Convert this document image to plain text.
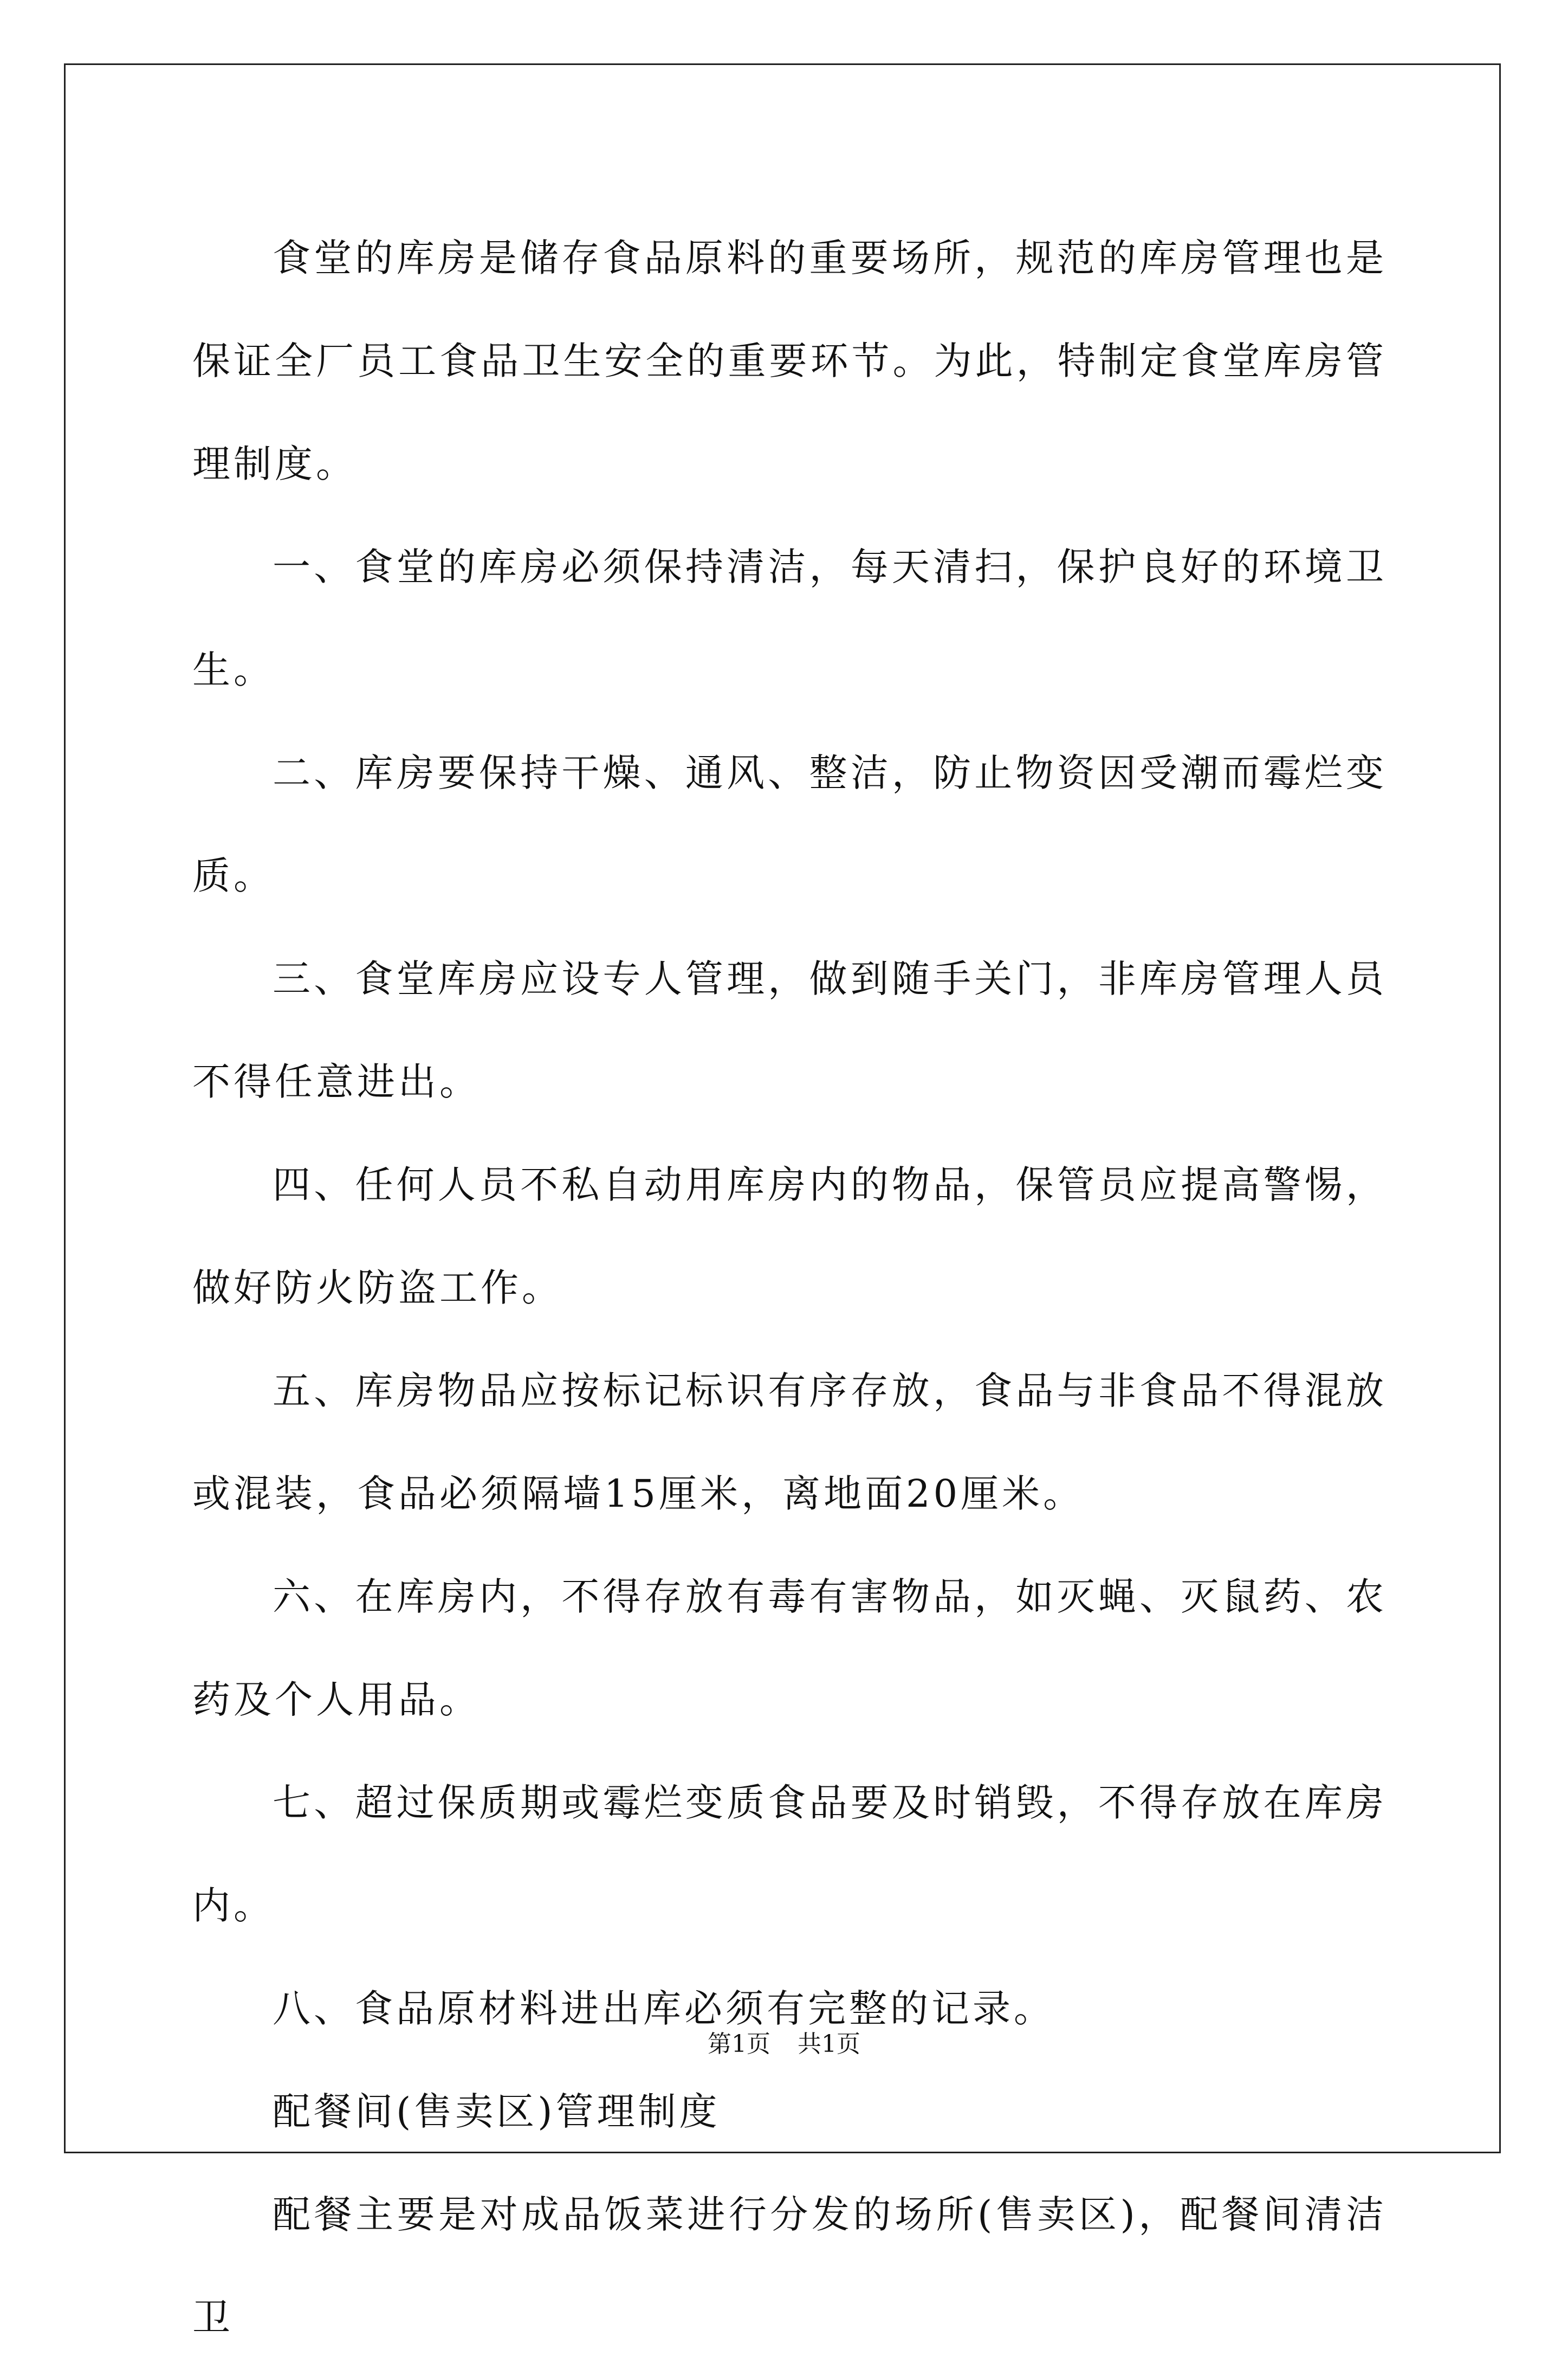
食堂的库房是储存食品原料的重要场所，规范的库房管理也是保证全厂员工食品卫生安全的重要环节。为此，特制定食堂库房管理制度。

一、食堂的库房必须保持清洁，每天清扫，保护良好的环境卫生。

二、库房要保持干燥、通风、整洁，防止物资因受潮而霉烂变质。

三、食堂库房应设专人管理，做到随手关门，非库房管理人员不得任意进出。

四、任何人员不私自动用库房内的物品，保管员应提高警惕，做好防火防盗工作。

五、库房物品应按标记标识有序存放，食品与非食品不得混放或混装，食品必须隔墙15厘米，离地面20厘米。

六、在库房内，不得存放有毒有害物品，如灭蝇、灭鼠药、农药及个人用品。

七、超过保质期或霉烂变质食品要及时销毁，不得存放在库房内。

八、食品原材料进出库必须有完整的记录。

配餐间(售卖区)管理制度

配餐主要是对成品饭菜进行分发的场所(售卖区)，配餐间清洁卫

第1页 共1页
